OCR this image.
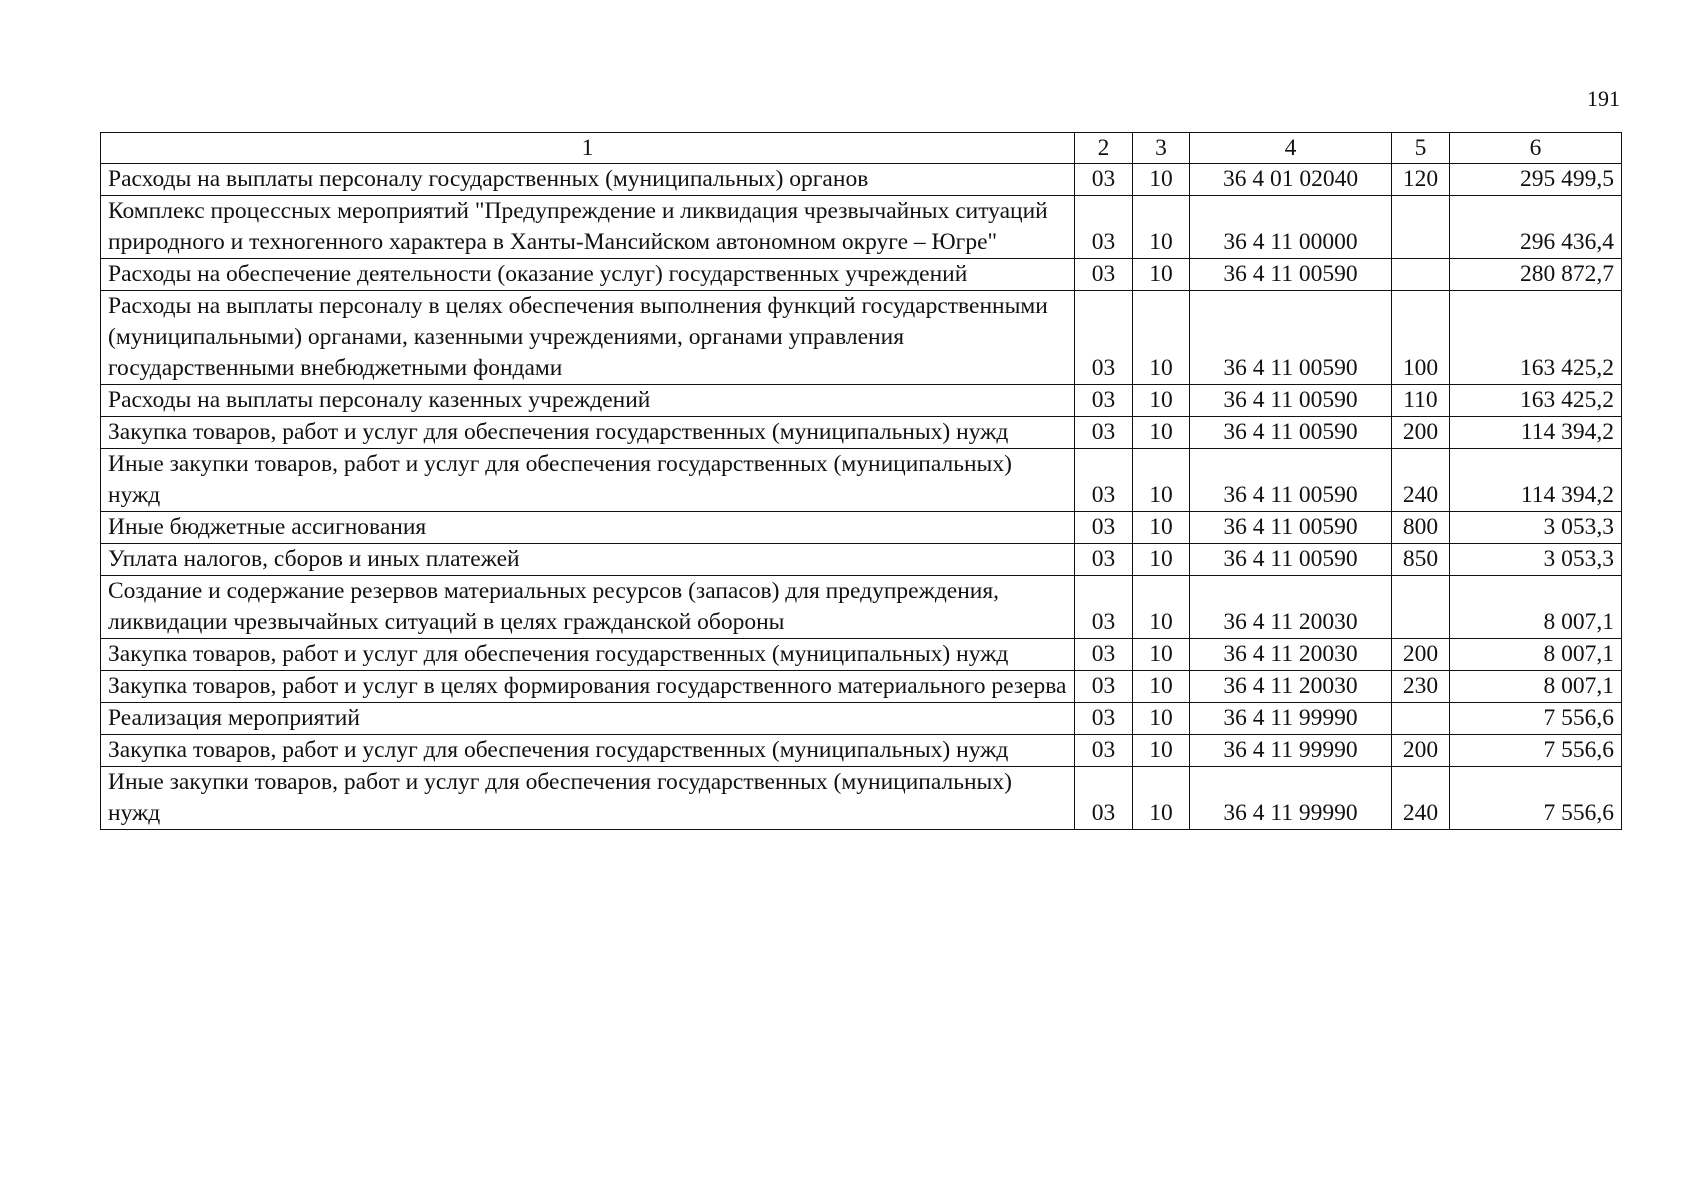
191
1	2	3	4	5	6
Расходы на выплаты персоналу государственных (муниципальных) органов	03	10	36 4 01 02040	120	295 499,5
Комплекс процессных мероприятий "Предупреждение и ликвидация чрезвычайных ситуаций природного и техногенного характера в Ханты-Мансийском автономном округе – Югре"	03	10	36 4 11 00000		296 436,4
Расходы на обеспечение деятельности (оказание услуг) государственных учреждений	03	10	36 4 11 00590		280 872,7
Расходы на выплаты персоналу в целях обеспечения выполнения функций государственными (муниципальными) органами, казенными учреждениями, органами управления государственными внебюджетными фондами	03	10	36 4 11 00590	100	163 425,2
Расходы на выплаты персоналу казенных учреждений	03	10	36 4 11 00590	110	163 425,2
Закупка товаров, работ и услуг для обеспечения государственных (муниципальных) нужд	03	10	36 4 11 00590	200	114 394,2
Иные закупки товаров, работ и услуг для обеспечения государственных (муниципальных) нужд	03	10	36 4 11 00590	240	114 394,2
Иные бюджетные ассигнования	03	10	36 4 11 00590	800	3 053,3
Уплата налогов, сборов и иных платежей	03	10	36 4 11 00590	850	3 053,3
Создание и содержание резервов материальных ресурсов (запасов) для предупреждения, ликвидации чрезвычайных ситуаций в целях гражданской обороны	03	10	36 4 11 20030		8 007,1
Закупка товаров, работ и услуг для обеспечения государственных (муниципальных) нужд	03	10	36 4 11 20030	200	8 007,1
Закупка товаров, работ и услуг в целях формирования государственного материального резерва	03	10	36 4 11 20030	230	8 007,1
Реализация мероприятий	03	10	36 4 11 99990		7 556,6
Закупка товаров, работ и услуг для обеспечения государственных (муниципальных) нужд	03	10	36 4 11 99990	200	7 556,6
Иные закупки товаров, работ и услуг для обеспечения государственных (муниципальных) нужд	03	10	36 4 11 99990	240	7 556,6
